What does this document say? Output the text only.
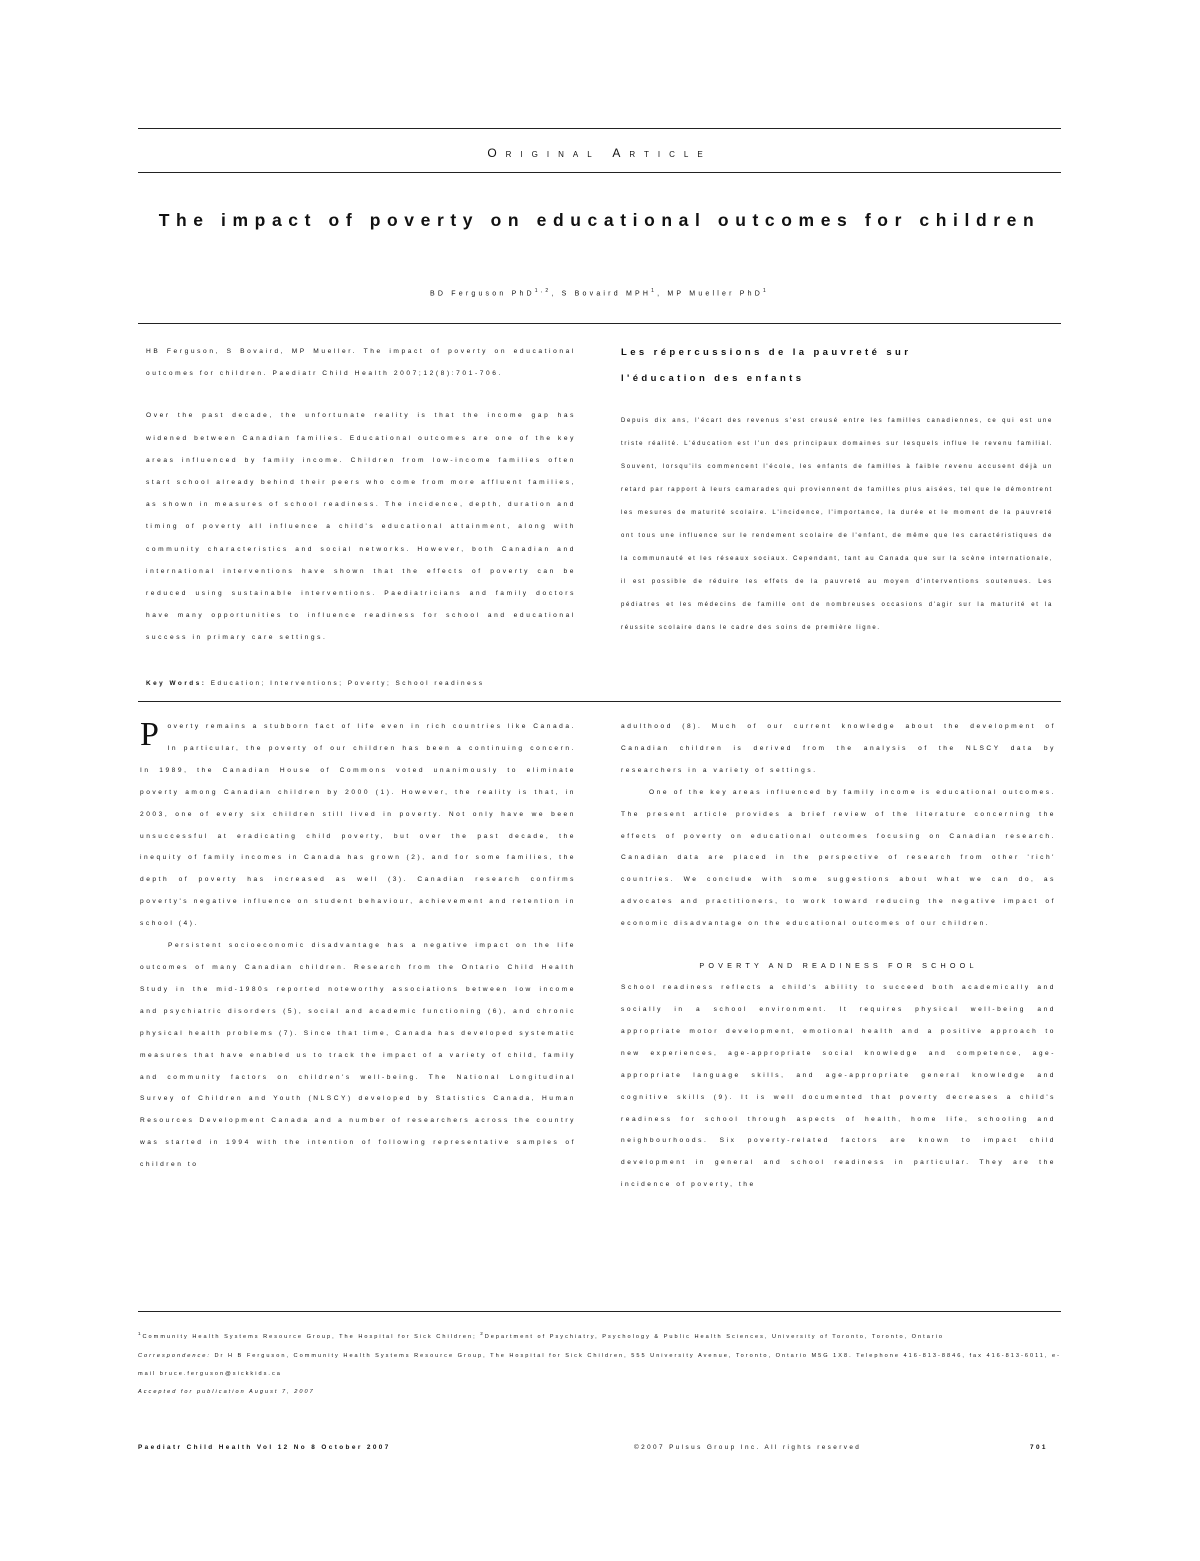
Original Article
The impact of poverty on educational outcomes for children
BD Ferguson PhD$^{1,2}$, S Bovaird MPH$^1$, MP Mueller PhD$^1$

HB Ferguson, S Bovaird, MP Mueller. The impact of poverty on educational outcomes for children. Paediatr Child Health 2007;12(8):701-706.

Over the past decade, the unfortunate reality is that the income gap has widened between Canadian families. Educational outcomes are one of the key areas influenced by family income. Children from low-income families often start school already behind their peers who come from more affluent families, as shown in measures of school readiness. The incidence, depth, duration and timing of poverty all influence a child's educational attainment, along with community characteristics and social networks. However, both Canadian and international interventions have shown that the effects of poverty can be reduced using sustainable interventions. Paediatricians and family doctors have many opportunities to influence readiness for school and educational success in primary care settings.

Key Words: Education; Interventions; Poverty; School readiness

Les répercussions de la pauvreté sur

l'éducation des enfants

Depuis dix ans, l'écart des revenus s'est creusé entre les familles canadiennes, ce qui est une triste réalité. L'éducation est l'un des principaux domaines sur lesquels influe le revenu familial. Souvent, lorsqu'ils commencent l'école, les enfants de familles à faible revenu accusent déjà un retard par rapport à leurs camarades qui proviennent de familles plus aisées, tel que le démontrent les mesures de maturité scolaire. L'incidence, l'importance, la durée et le moment de la pauvreté ont tous une influence sur le rendement scolaire de l'enfant, de même que les caractéristiques de la communauté et les réseaux sociaux. Cependant, tant au Canada que sur la scène internationale, il est possible de réduire les effets de la pauvreté au moyen d'interventions soutenues. Les pédiatres et les médecins de famille ont de nombreuses occasions d'agir sur la maturité et la réussite scolaire dans le cadre des soins de première ligne.

Poverty remains a stubborn fact of life even in rich countries like Canada. In particular, the poverty of our children has been a continuing concern. In 1989, the Canadian House of Commons voted unanimously to eliminate poverty among Canadian children by 2000 (1). However, the reality is that, in 2003, one of every six children still lived in poverty. Not only have we been unsuccessful at eradicating child poverty, but over the past decade, the inequity of family incomes in Canada has grown (2), and for some families, the depth of poverty has increased as well (3). Canadian research confirms poverty's negative influence on student behaviour, achievement and retention in school (4).

Persistent socioeconomic disadvantage has a negative impact on the life outcomes of many Canadian children. Research from the Ontario Child Health Study in the mid-1980s reported noteworthy associations between low income and psychiatric disorders (5), social and academic functioning (6), and chronic physical health problems (7). Since that time, Canada has developed systematic measures that have enabled us to track the impact of a variety of child, family and community factors on children's well-being. The National Longitudinal Survey of Children and Youth (NLSCY) developed by Statistics Canada, Human Resources Development Canada and a number of researchers across the country was started in 1994 with the intention of following representative samples of children to

adulthood (8). Much of our current knowledge about the development of Canadian children is derived from the analysis of the NLSCY data by researchers in a variety of settings.

One of the key areas influenced by family income is educational outcomes. The present article provides a brief review of the literature concerning the effects of poverty on educational outcomes focusing on Canadian research. Canadian data are placed in the perspective of research from other 'rich' countries. We conclude with some suggestions about what we can do, as advocates and practitioners, to work toward reducing the negative impact of economic disadvantage on the educational outcomes of our children.

POVERTY AND READINESS FOR SCHOOL

School readiness reflects a child's ability to succeed both academically and socially in a school environment. It requires physical well-being and appropriate motor development, emotional health and a positive approach to new experiences, age-appropriate social knowledge and competence, age-appropriate language skills, and age-appropriate general knowledge and cognitive skills (9). It is well documented that poverty decreases a child's readiness for school through aspects of health, home life, schooling and neighbourhoods. Six poverty-related factors are known to impact child development in general and school readiness in particular. They are the incidence of poverty, the

$^1$Community Health Systems Resource Group, The Hospital for Sick Children; $^2$Department of Psychiatry, Psychology & Public Health Sciences, University of Toronto, Toronto, Ontario

Correspondence: Dr H B Ferguson, Community Health Systems Resource Group, The Hospital for Sick Children, 555 University Avenue, Toronto, Ontario M5G 1X8. Telephone 416-813-8846, fax 416-813-6011, e-mail bruce.ferguson@sickkids.ca

Accepted for publication August 7, 2007

Paediatr Child Health Vol 12 No 8 October 2007	©2007 Pulsus Group Inc. All rights reserved	701
